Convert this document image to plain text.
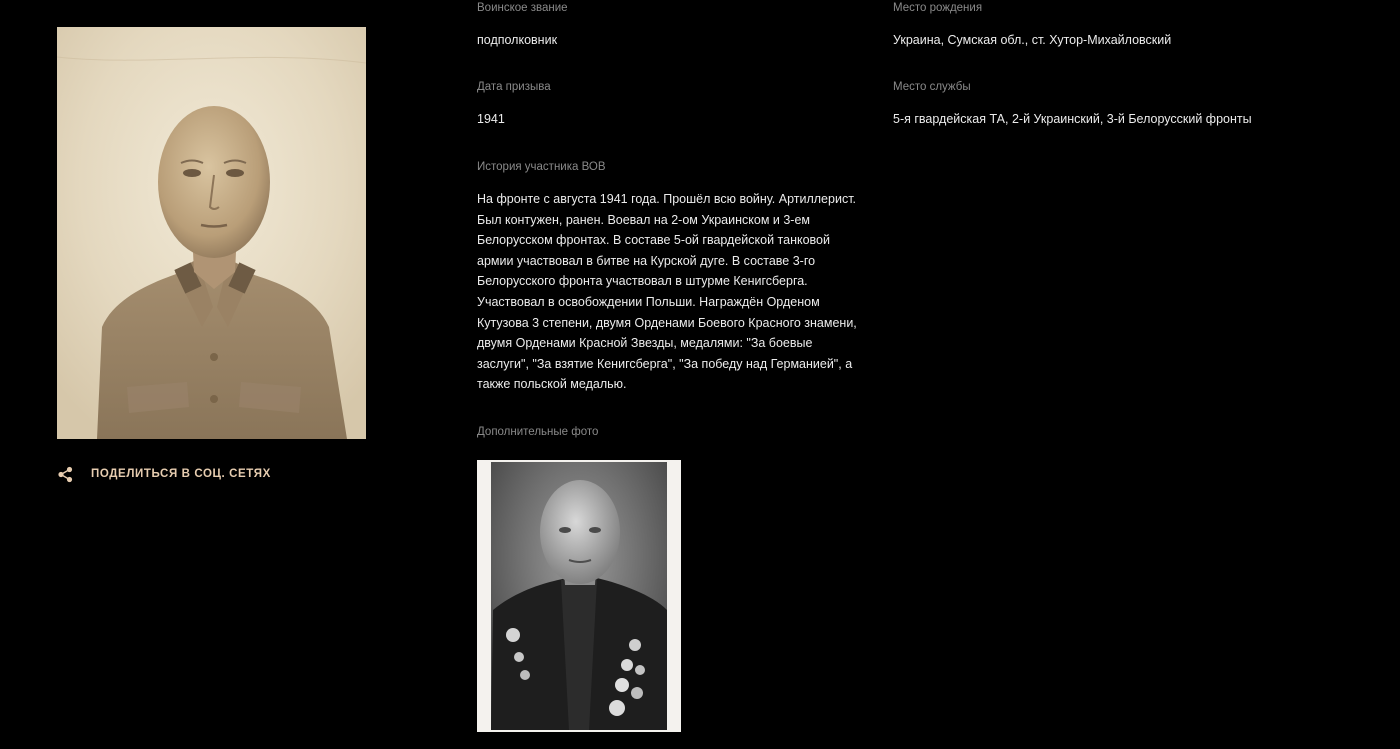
ПОДЕЛИТЬСЯ В СОЦ. СЕТЯХ
Воинское звание
подполковник
Место рождения
Украина, Сумская обл., ст. Хутор-Михайловский
Дата призыва
1941
Место службы
5-я гвардейская ТА, 2-й Украинский, 3-й Белорусский фронты
История участника ВОВ
На фронте с августа 1941 года. Прошёл всю войну. Артиллерист. Был контужен, ранен. Воевал на 2-ом Украинском и 3-ем Белорусском фронтах. В составе 5-ой гвардейской танковой армии участвовал в битве на Курской дуге. В составе 3-го Белорусского фронта участвовал в штурме Кенигсберга. Участвовал в освобождении Польши. Награждён Орденом Кутузова 3 степени, двумя Орденами Боевого Красного знамени, двумя Орденами Красной Звезды, медалями: "За боевые заслуги", "За взятие Кенигсберга", "За победу над Германией", а также польской медалью.
Дополнительные фото
